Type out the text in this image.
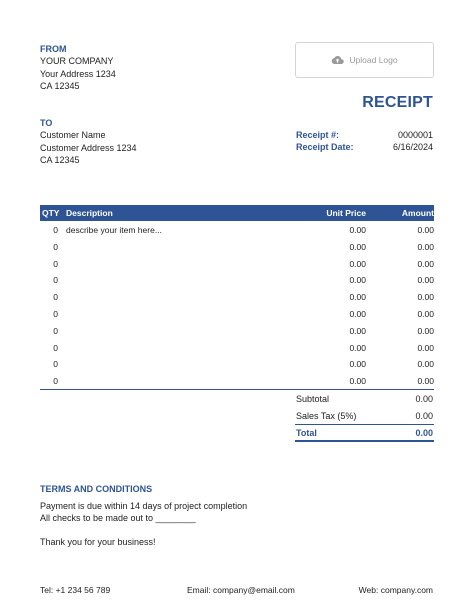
FROM
YOUR COMPANY
Your Address 1234
CA 12345
Upload Logo
RECEIPT
TO
Customer Name
Customer Address 1234
CA 12345
Receipt #:	0000001
Receipt Date:	6/16/2024
QTY Description	Unit Price	Amount
0 describe your item here...	0.00	0.00
0	0.00	0.00
0	0.00	0.00
0	0.00	0.00
0	0.00	0.00
0	0.00	0.00
0	0.00	0.00
0	0.00	0.00
0	0.00	0.00
0	0.00	0.00
Subtotal	0.00
Sales Tax (5%)	0.00
Total	0.00
TERMS AND CONDITIONS
Payment is due within 14 days of project completion
All checks to be made out to ________
Thank you for your business!
Tel: +1 234 56 789	Email: company@email.com	Web: company.com
